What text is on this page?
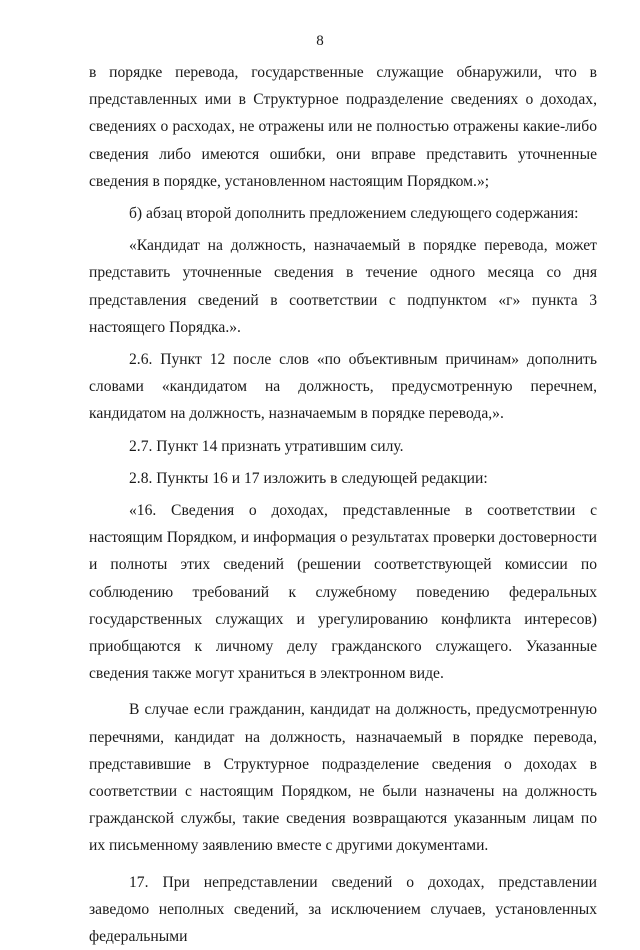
8

в порядке перевода, государственные служащие обнаружили, что в представленных ими в Структурное подразделение сведениях о доходах, сведениях о расходах, не отражены или не полностью отражены какие-либо сведения либо имеются ошибки, они вправе представить уточненные сведения в порядке, установленном настоящим Порядком.»;

б) абзац второй дополнить предложением следующего содержания:

«Кандидат на должность, назначаемый в порядке перевода, может представить уточненные сведения в течение одного месяца со дня представления сведений в соответствии с подпунктом «г» пункта 3 настоящего Порядка.».

2.6. Пункт 12 после слов «по объективным причинам» дополнить словами «кандидатом на должность, предусмотренную перечнем, кандидатом на должность, назначаемым в порядке перевода,».

2.7. Пункт 14 признать утратившим силу.

2.8. Пункты 16 и 17 изложить в следующей редакции:

«16. Сведения о доходах, представленные в соответствии с настоящим Порядком, и информация о результатах проверки достоверности и полноты этих сведений (решении соответствующей комиссии по соблюдению требований к служебному поведению федеральных государственных служащих и урегулированию конфликта интересов) приобщаются к личному делу гражданского служащего. Указанные сведения также могут храниться в электронном виде.

В случае если гражданин, кандидат на должность, предусмотренную перечнями, кандидат на должность, назначаемый в порядке перевода, представившие в Структурное подразделение сведения о доходах в соответствии с настоящим Порядком, не были назначены на должность гражданской службы, такие сведения возвращаются указанным лицам по их письменному заявлению вместе с другими документами.

17. При непредставлении сведений о доходах, представлении заведомо неполных сведений, за исключением случаев, установленных федеральными
